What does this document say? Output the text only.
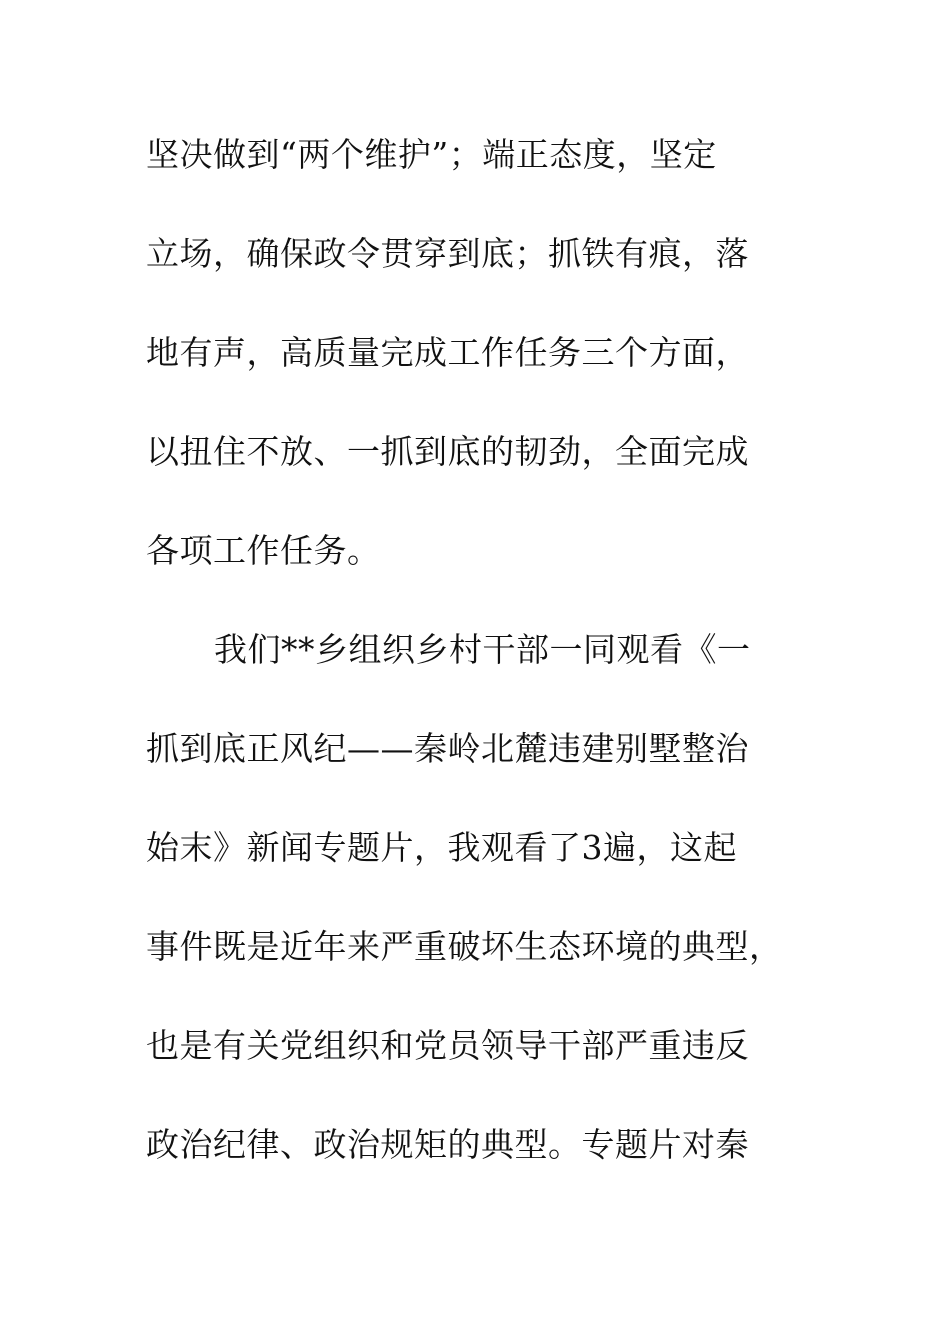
坚决做到“两个维护”；端正态度，坚定
立场，确保政令贯穿到底；抓铁有痕，落
地有声，高质量完成工作任务三个方面，
以扭住不放、一抓到底的韧劲，全面完成
各项工作任务。
我们**乡组织乡村干部一同观看《一
抓到底正风纪——秦岭北麓违建别墅整治
始末》新闻专题片，我观看了3遍，这起
事件既是近年来严重破坏生态环境的典型，
也是有关党组织和党员领导干部严重违反
政治纪律、政治规矩的典型。专题片对秦
